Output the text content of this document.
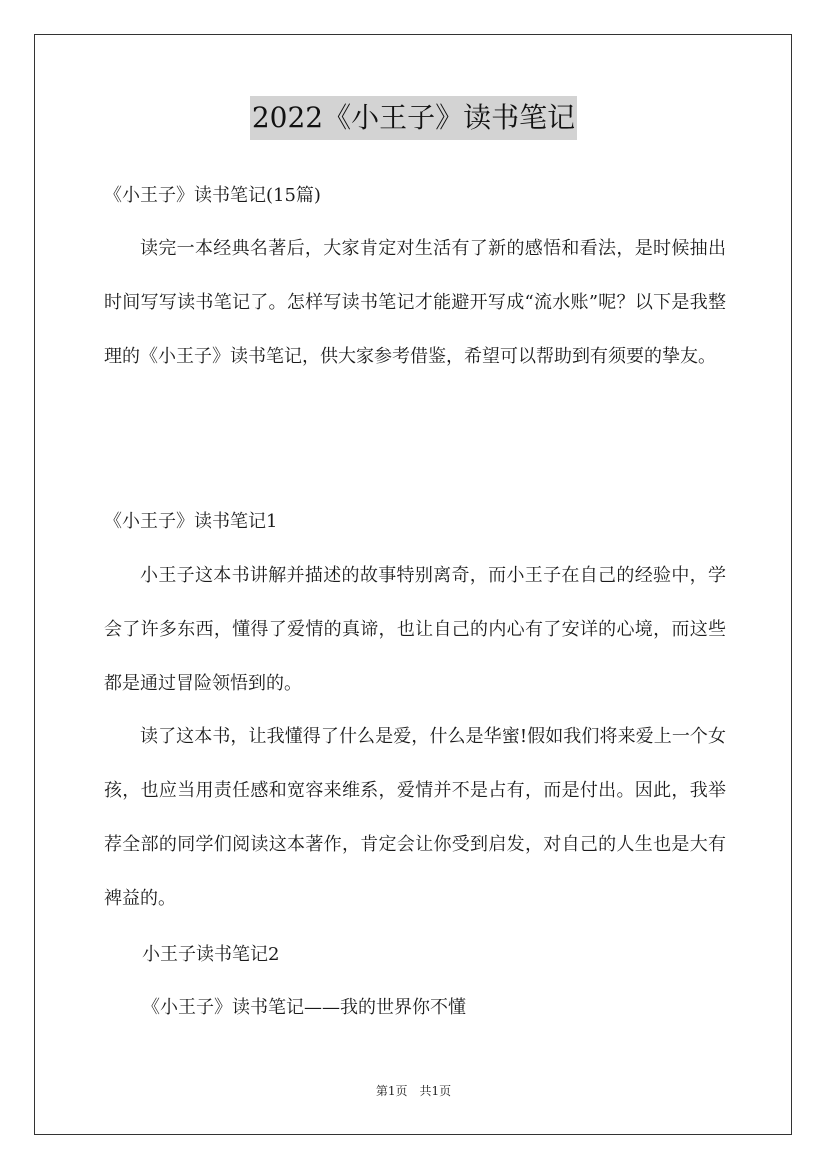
2022《小王子》读书笔记
《小王子》读书笔记(15篇)
读完一本经典名著后，大家肯定对生活有了新的感悟和看法，是时候抽出时间写写读书笔记了。怎样写读书笔记才能避开写成“流水账”呢？以下是我整理的《小王子》读书笔记，供大家参考借鉴，希望可以帮助到有须要的挚友。
《小王子》读书笔记1
小王子这本书讲解并描述的故事特别离奇，而小王子在自己的经验中，学会了许多东西，懂得了爱情的真谛，也让自己的内心有了安详的心境，而这些都是通过冒险领悟到的。
读了这本书，让我懂得了什么是爱，什么是华蜜!假如我们将来爱上一个女孩，也应当用责任感和宽容来维系，爱情并不是占有，而是付出。因此，我举荐全部的同学们阅读这本著作，肯定会让你受到启发，对自己的人生也是大有裨益的。
小王子读书笔记2
《小王子》读书笔记——我的世界你不懂
第1页　共1页
